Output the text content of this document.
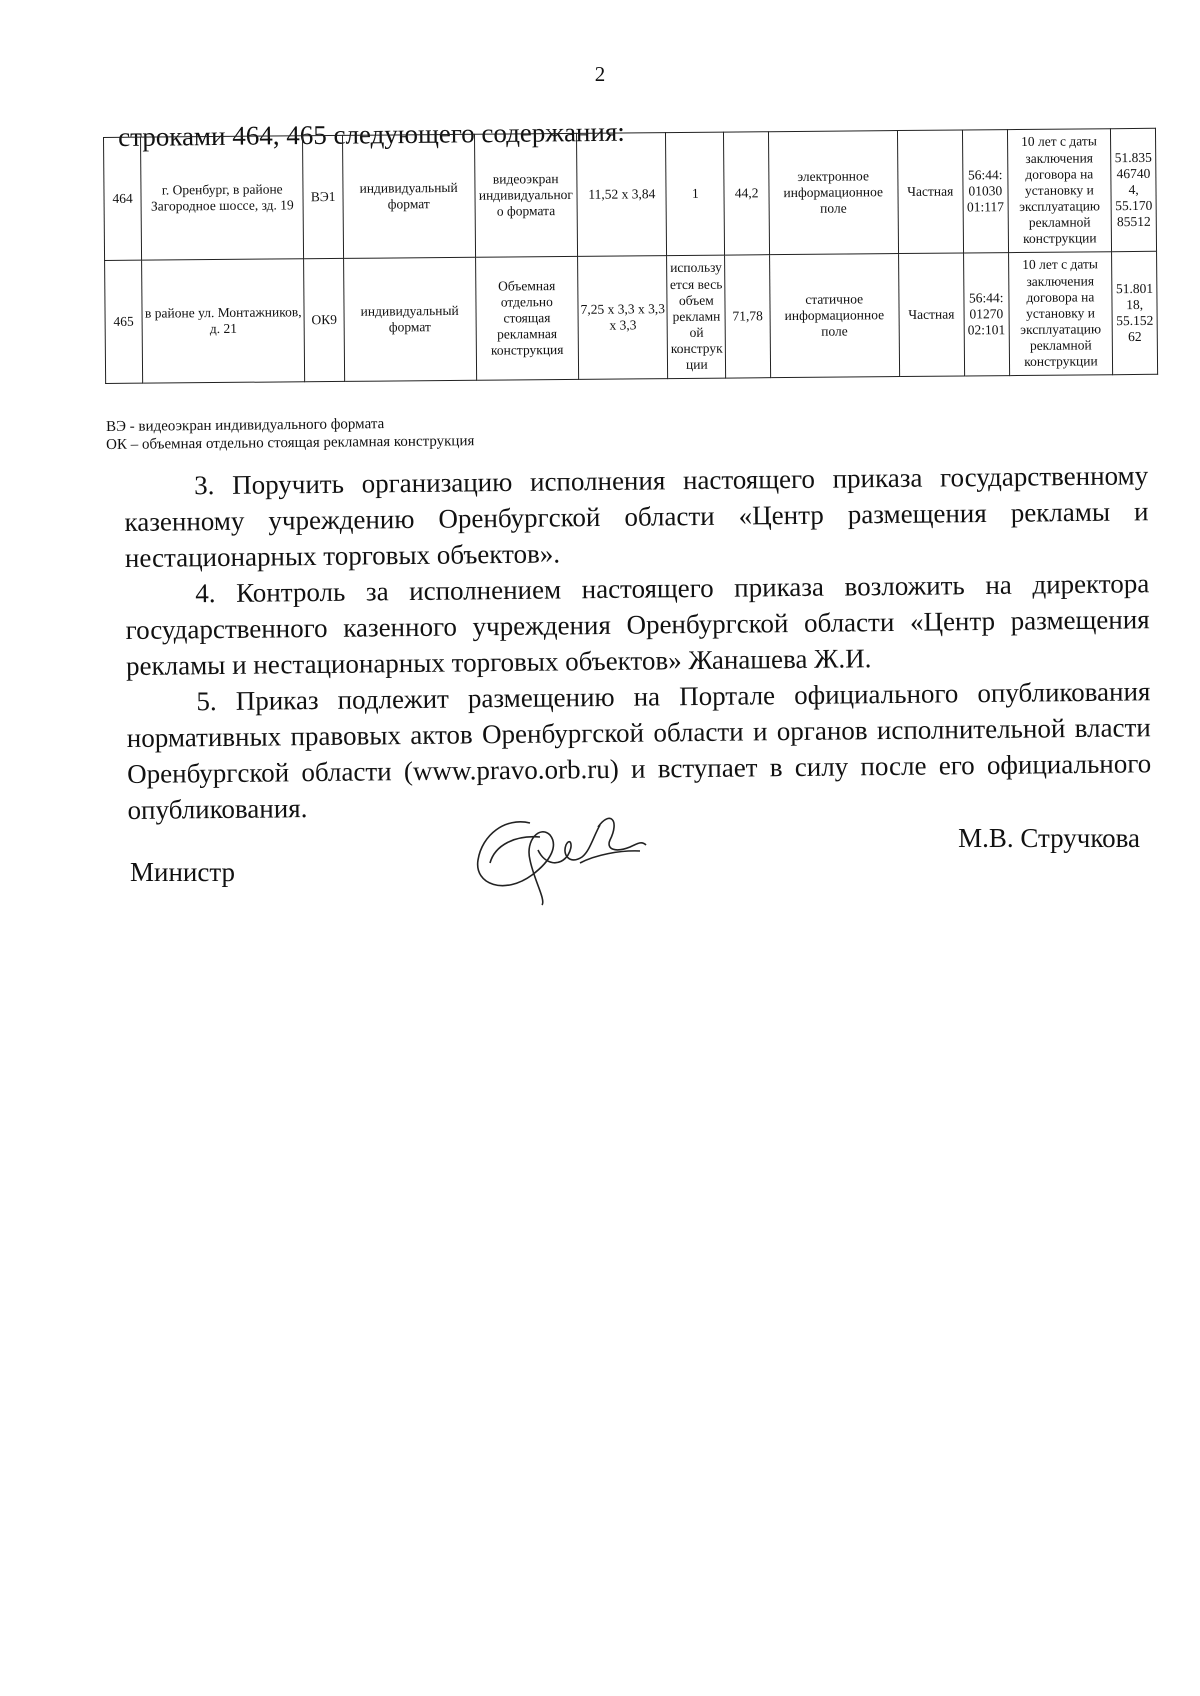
2
строками 464, 465 следующего содержания:
464	г. Оренбург, в районе Загородное шоссе, зд. 19	ВЭ1	индивидуальный формат	видеоэкран индивидуального формата	11,52 х 3,84	1	44,2	электронное информационное поле	Частная	56:44:0103001:117	10 лет с даты заключения договора на установку и эксплуатацию рекламной конструкции	51.835467404, 55.17085512
465	в районе ул. Монтажников, д. 21	ОК9	индивидуальный формат	Объемная отдельно стоящая рекламная конструкция	7,25 х 3,3 х 3,3 х 3,3	используется весь объем рекламной конструкции	71,78	статичное информационное поле	Частная	56:44:0127002:101	10 лет с даты заключения договора на установку и эксплуатацию рекламной конструкции	51.80118, 55.15262
ВЭ - видеоэкран индивидуального формата
ОК – объемная отдельно стоящая рекламная конструкция

3. Поручить организацию исполнения настоящего приказа государственному казенному учреждению Оренбургской области «Центр размещения рекламы и нестационарных торговых объектов».

4. Контроль за исполнением настоящего приказа возложить на директора государственного казенного учреждения Оренбургской области «Центр размещения рекламы и нестационарных торговых объектов» Жанашева Ж.И.

5. Приказ подлежит размещению на Портале официального опубликования нормативных правовых актов Оренбургской области и органов исполнительной власти Оренбургской области (www.pravo.orb.ru) и вступает в силу после его официального опубликования.

Министр
М.В. Стручкова
